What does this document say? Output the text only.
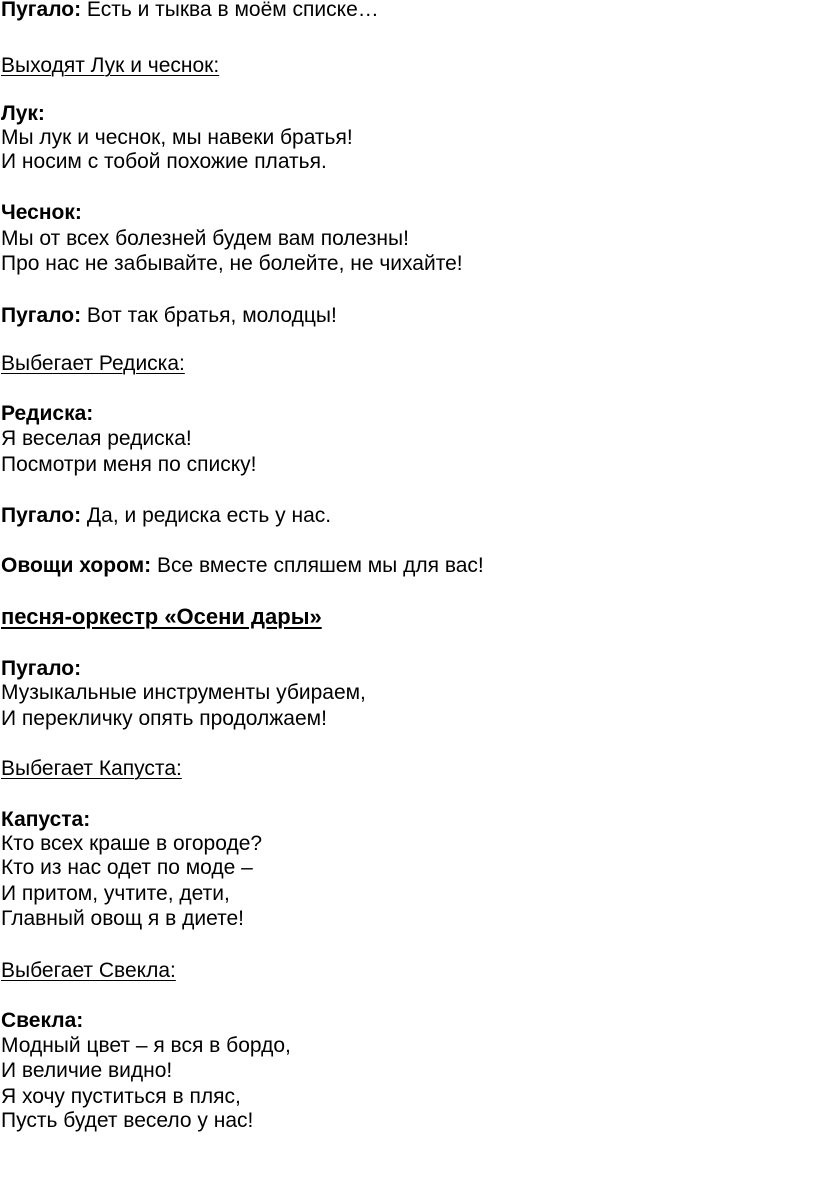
Пугало: Есть и тыква в моём списке…
Выходят Лук и чеснок:
Лук:
Мы лук и чеснок, мы навеки братья!
И носим с тобой похожие платья.
Чеснок:
Мы от всех болезней будем вам полезны!
Про нас не забывайте, не болейте, не чихайте!
Пугало: Вот так братья, молодцы!
Выбегает Редиска:
Редиска:
Я веселая редиска!
Посмотри меня по списку!
Пугало: Да, и редиска есть у нас.
Овощи хором: Все вместе спляшем мы для вас!
песня-оркестр «Осени дары»
Пугало:
Музыкальные инструменты убираем,
И перекличку опять продолжаем!
Выбегает Капуста:
Капуста:
Кто всех краше в огороде?
Кто из нас одет по моде –
И притом, учтите, дети,
Главный овощ я в диете!
Выбегает Свекла:
Свекла:
Модный цвет – я вся в бордо,
И величие видно!
Я хочу пуститься в пляс,
Пусть будет весело у нас!
